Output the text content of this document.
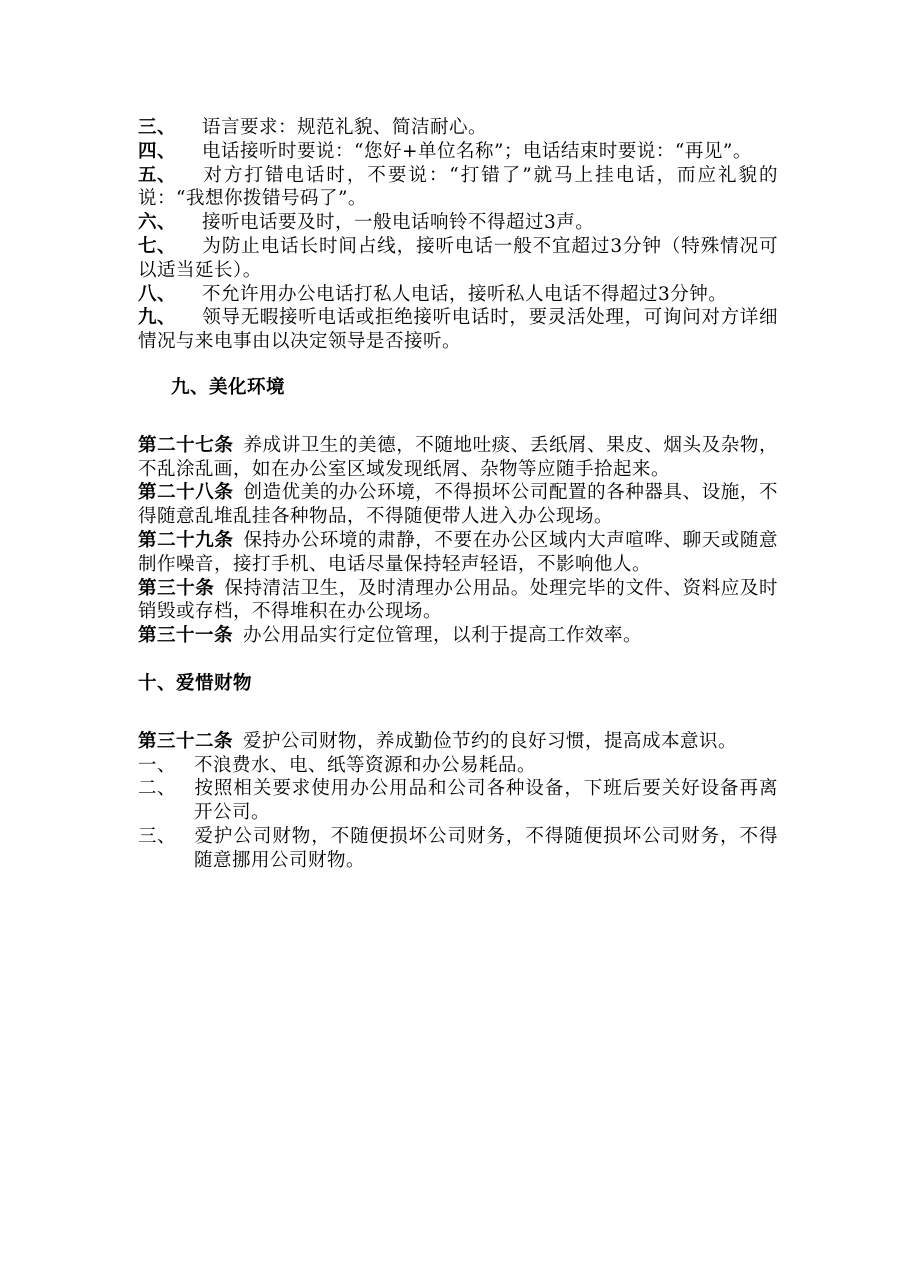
三、 语言要求：规范礼貌、简洁耐心。

四、 电话接听时要说：“您好+单位名称”；电话结束时要说：“再见”。

五、 对方打错电话时，不要说：“打错了”就马上挂电话，而应礼貌的说：“我想你拨错号码了”。

六、 接听电话要及时，一般电话响铃不得超过3声。

七、 为防止电话长时间占线，接听电话一般不宜超过3分钟（特殊情况可以适当延长）。

八、 不允许用办公电话打私人电话，接听私人电话不得超过3分钟。

九、 领导无暇接听电话或拒绝接听电话时，要灵活处理，可询问对方详细情况与来电事由以决定领导是否接听。

九、美化环境

第二十七条 养成讲卫生的美德，不随地吐痰、丢纸屑、果皮、烟头及杂物，不乱涂乱画，如在办公室区域发现纸屑、杂物等应随手拾起来。

第二十八条 创造优美的办公环境，不得损坏公司配置的各种器具、设施，不得随意乱堆乱挂各种物品，不得随便带人进入办公现场。

第二十九条 保持办公环境的肃静，不要在办公区域内大声喧哗、聊天或随意制作噪音，接打手机、电话尽量保持轻声轻语，不影响他人。

第三十条 保持清洁卫生，及时清理办公用品。处理完毕的文件、资料应及时销毁或存档，不得堆积在办公现场。

第三十一条 办公用品实行定位管理，以利于提高工作效率。

十、爱惜财物

第三十二条 爱护公司财物，养成勤俭节约的良好习惯，提高成本意识。

一、 不浪费水、电、纸等资源和办公易耗品。

二、 按照相关要求使用办公用品和公司各种设备，下班后要关好设备再离开公司。

三、 爱护公司财物，不随便损坏公司财务，不得随便损坏公司财务，不得随意挪用公司财物。
